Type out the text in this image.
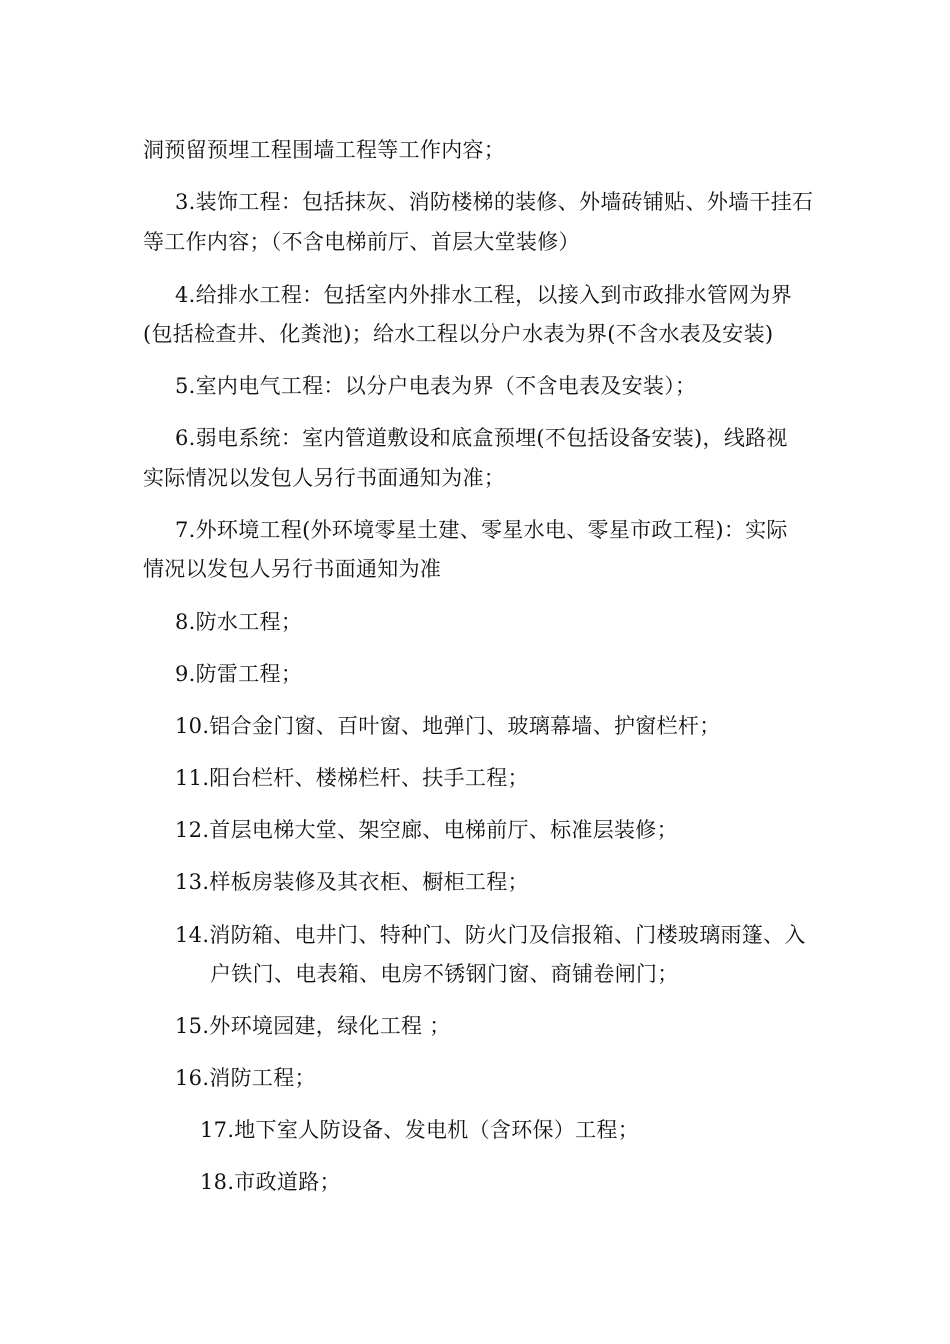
洞预留预埋工程围墙工程等工作内容；
3.装饰工程：包括抹灰、消防楼梯的装修、外墙砖铺贴、外墙干挂石
等工作内容；（不含电梯前厅、首层大堂装修）
4.给排水工程：包括室内外排水工程，以接入到市政排水管网为界
(包括检查井、化粪池)；给水工程以分户水表为界(不含水表及安装)
5.室内电气工程：以分户电表为界（不含电表及安装）；
6.弱电系统：室内管道敷设和底盒预埋(不包括设备安装)，线路视
实际情况以发包人另行书面通知为准；
7.外环境工程(外环境零星土建、零星水电、零星市政工程)：实际
情况以发包人另行书面通知为准
8.防水工程；
9.防雷工程；
10.铝合金门窗、百叶窗、地弹门、玻璃幕墙、护窗栏杆；
11.阳台栏杆、楼梯栏杆、扶手工程；
12.首层电梯大堂、架空廊、电梯前厅、标准层装修；
13.样板房装修及其衣柜、橱柜工程；
14.消防箱、电井门、特种门、防火门及信报箱、门楼玻璃雨篷、入
户铁门、电表箱、电房不锈钢门窗、商铺卷闸门；
15.外环境园建，绿化工程 ；
16.消防工程；
17.地下室人防设备、发电机（含环保）工程；
18.市政道路；
